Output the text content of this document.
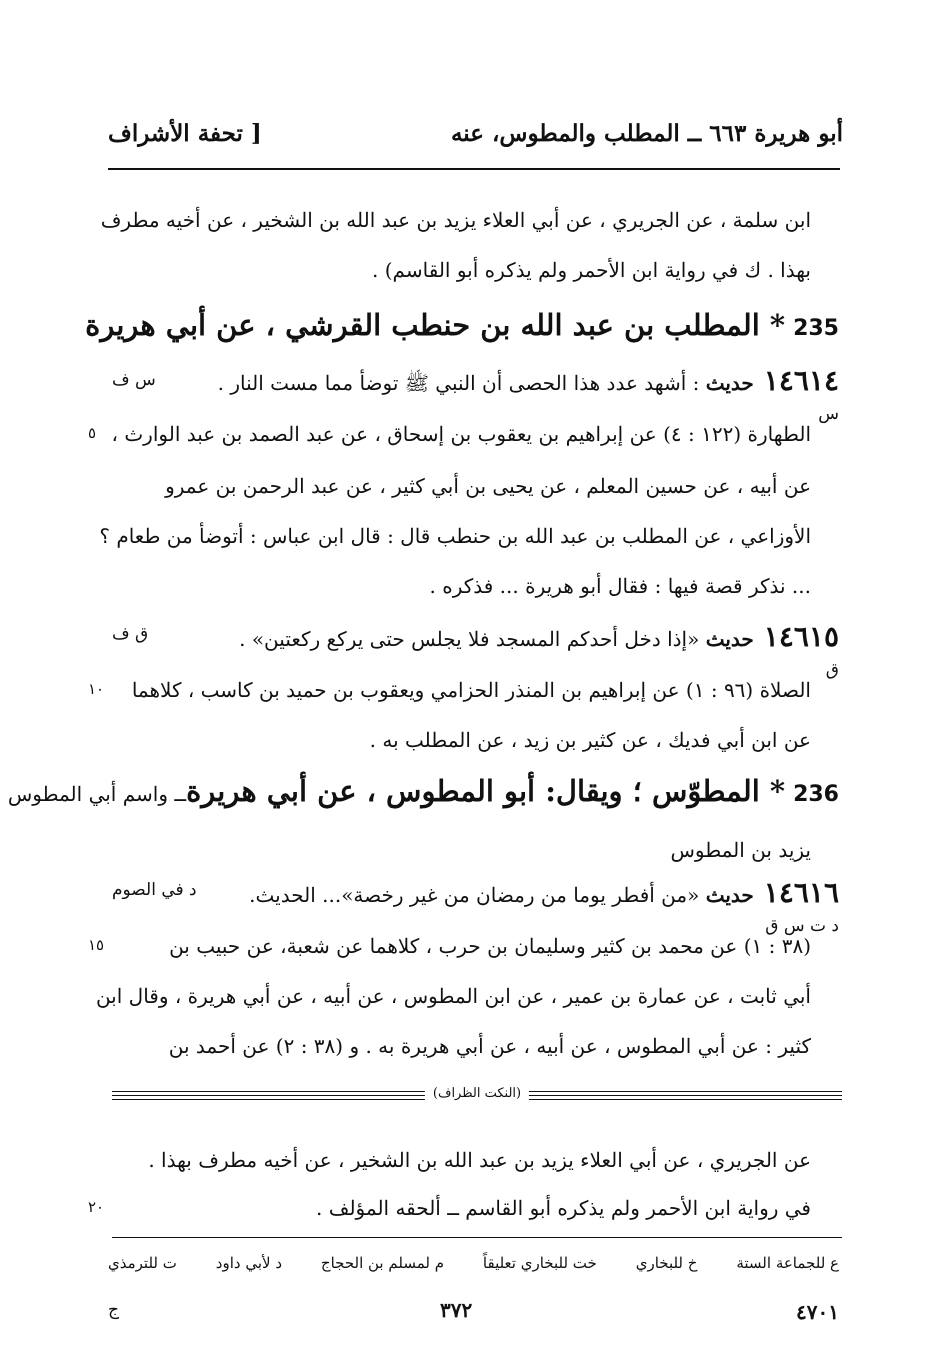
أبو هريرة ٦٦٣ ــ المطلب والمطوس، عنه
[ تحفة الأشراف
ابن سلمة ، عن الجريري ، عن أبي العلاء يزيد بن عبد الله بن الشخير ، عن أخيه مطرف
بهذا . ك في رواية ابن الأحمر ولم يذكره أبو القاسم) .
235* المطلب بن عبد الله بن حنطب القرشي ، عن أبي هريرة
١٤٦١٤حديث : أشهد عدد هذا الحصى أن النبي ﷺ توضأ مما مست النار .
س ف
س
الطهارة (١٢٢ : ٤) عن إبراهيم بن يعقوب بن إسحاق ، عن عبد الصمد بن عبد الوارث ،
عن أبيه ، عن حسين المعلم ، عن يحيى بن أبي كثير ، عن عبد الرحمن بن عمرو
الأوزاعي ، عن المطلب بن عبد الله بن حنطب قال : قال ابن عباس : أتوضأ من طعام ؟
... نذكر قصة فيها : فقال أبو هريرة ... فذكره .
٥
١٤٦١٥حديث «إذا دخل أحدكم المسجد فلا يجلس حتى يركع ركعتين» .
ق ف
ق
الصلاة (٩٦ : ١) عن إبراهيم بن المنذر الحزامي ويعقوب بن حميد بن كاسب ، كلاهما
عن ابن أبي فديك ، عن كثير بن زيد ، عن المطلب به .
١٠
236* المطوّس ؛ ويقال: أبو المطوس ، عن أبي هريرةــ واسم أبي المطوس
يزيد بن المطوس
١٤٦١٦حديث «من أفطر يوما من رمضان من غير رخصة»... الحديث.
د في الصوم
د ت س ق
(٣٨ : ١) عن محمد بن كثير وسليمان بن حرب ، كلاهما عن شعبة، عن حبيب بن
أبي ثابت ، عن عمارة بن عمير ، عن ابن المطوس ، عن أبيه ، عن أبي هريرة ، وقال ابن
كثير : عن أبي المطوس ، عن أبيه ، عن أبي هريرة به . و (٣٨ : ٢) عن أحمد بن
١٥
(النكت الظراف)
عن الجريري ، عن أبي العلاء يزيد بن عبد الله بن الشخير ، عن أخيه مطرف بهذا .
في رواية ابن الأحمر ولم يذكره أبو القاسم ــ ألحقه المؤلف .
٢٠
ع للجماعة الستة
خ للبخاري
خت للبخاري تعليقاً
م لمسلم بن الحجاج
د لأبي داود
ت للترمذي
٤٧٠١
٣٧٢
ج
